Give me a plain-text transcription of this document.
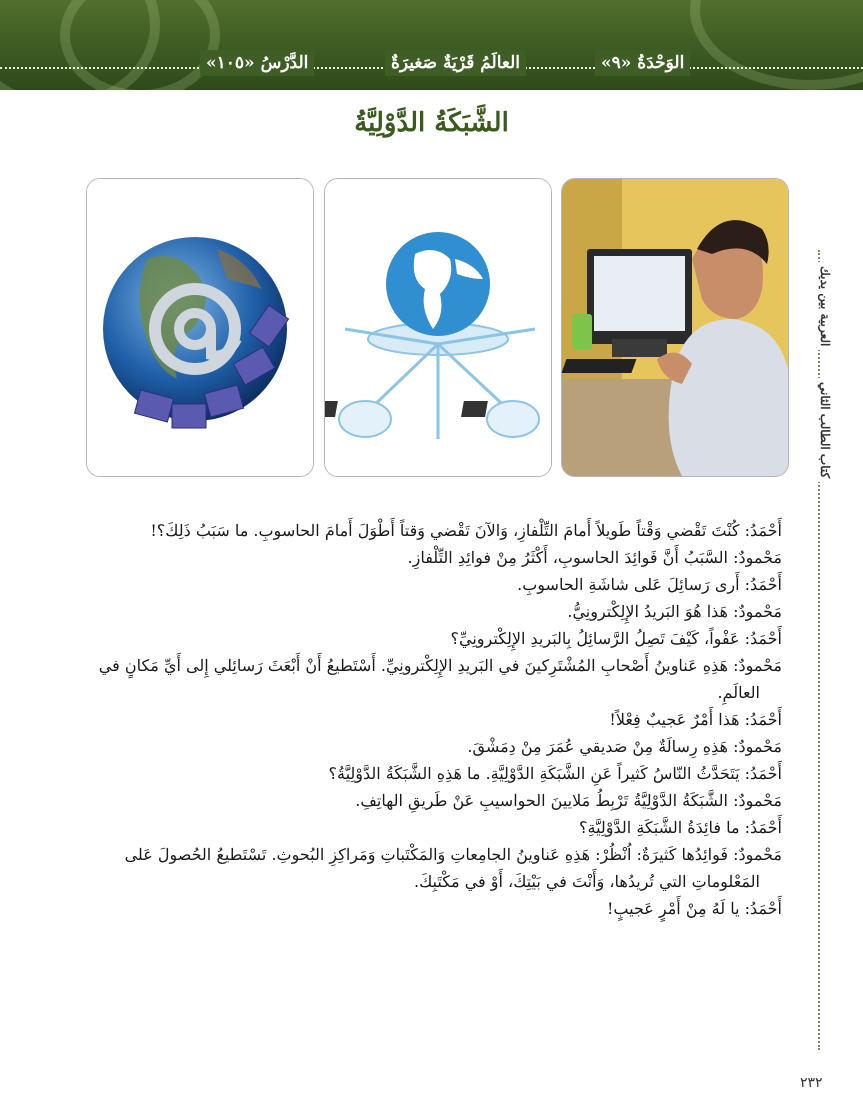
الدَّرْسُ «١٠٥»	العالَمُ قَرْيَةٌ صَغيرَةٌ	الوَحْدَةُ «٩»
الشَّبَكَةُ الدَّوْلِيَّةُ
العربية بين يديك
كتاب الطالب الثاني

أَحْمَدُ: كُنْتَ تَقْضي وَقْتاً طَويلاً أَمامَ التِّلْفازِ، وَالآنَ تَقْضي وَقتاً أَطْوَلَ أَمامَ الحاسوبِ. ما سَبَبُ ذَلِكَ؟!

مَحْمودٌ: السَّبَبُ أَنَّ فَوائِدَ الحاسوبِ، أَكْثَرُ مِنْ فوائِدِ التِّلْفازِ.

أَحْمَدُ: أَرى رَسائِلَ عَلى شاشَةِ الحاسوبِ.

مَحْمودٌ: هَذا هُوَ البَريدُ الإِلِكْترونِيُّ.

أَحْمَدُ: عَفْواً، كَيْفَ تَصِلُ الرَّسائِلُ بِالبَريدِ الإِلِكْترونِيِّ؟

مَحْمودٌ: هَذِهِ عَناوينُ أَصْحابِ المُشْتَرِكينَ في البَريدِ الإِلِكْترونِيِّ. أَسْتَطيعُ أَنْ أَبْعَثَ رَسائِلي إِلى أَيِّ مَكانٍ في العالَمِ.

أَحْمَدُ: هَذا أَمْرٌ عَجيبٌ فِعْلاً!

مَحْمودٌ: هَذِهِ رِسالَةٌ مِنْ صَديقي عُمَرَ مِنْ دِمَشْقَ.

أَحْمَدُ: يَتَحَدَّثُ النّاسُ كَثيراً عَنِ الشَّبَكَةِ الدَّوْلِيَّةِ. ما هَذِهِ الشَّبَكَةُ الدَّوْلِيَّةُ؟

مَحْمودٌ: الشَّبَكَةُ الدَّوْلِيَّةُ تَرْبِطُ مَلايينَ الحواسيبِ عَنْ طَريقِ الهاتِفِ.

أَحْمَدُ: ما فائِدَةُ الشَّبَكَةِ الدَّوْلِيَّةِ؟

مَحْمودٌ: فَوائِدُها كَثيرَةٌ: اُنْظُرْ: هَذِهِ عَناوينُ الجامِعاتِ وَالمَكْتَباتِ وَمَراكِزِ البُحوثِ. تَسْتَطيعُ الحُصولَ عَلى المَعْلوماتِ التي تُريدُها، وَأَنْتَ في بَيْتِكَ، أَوْ في مَكْتَبِكَ.

أَحْمَدُ: يا لَهُ مِنْ أَمْرٍ عَجيبٍ!

٢٣٢
